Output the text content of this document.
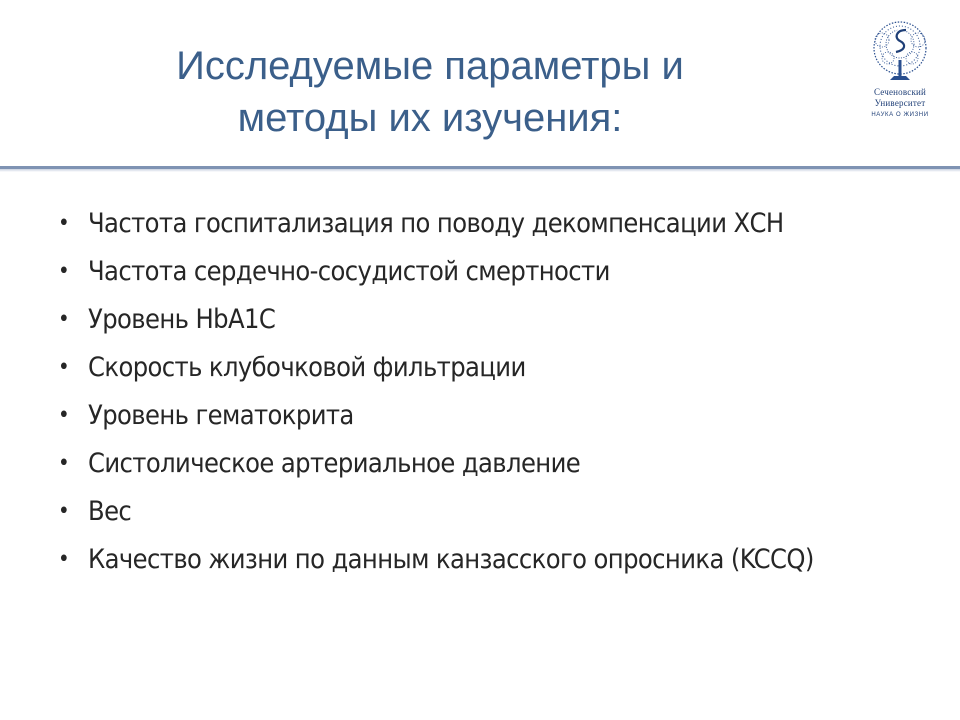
Исследуемые параметры и
методы их изучения:
Сеченовский
Университет
НАУКА О ЖИЗНИ
• Частота госпитализация по поводу декомпенсации ХСН
• Частота сердечно-сосудистой смертности
• Уровень HbA1C
• Скорость клубочковой фильтрации
• Уровень гематокрита
• Систолическое артериальное давление
• Вес
• Качество жизни по данным канзасского опросника (KCCQ)
